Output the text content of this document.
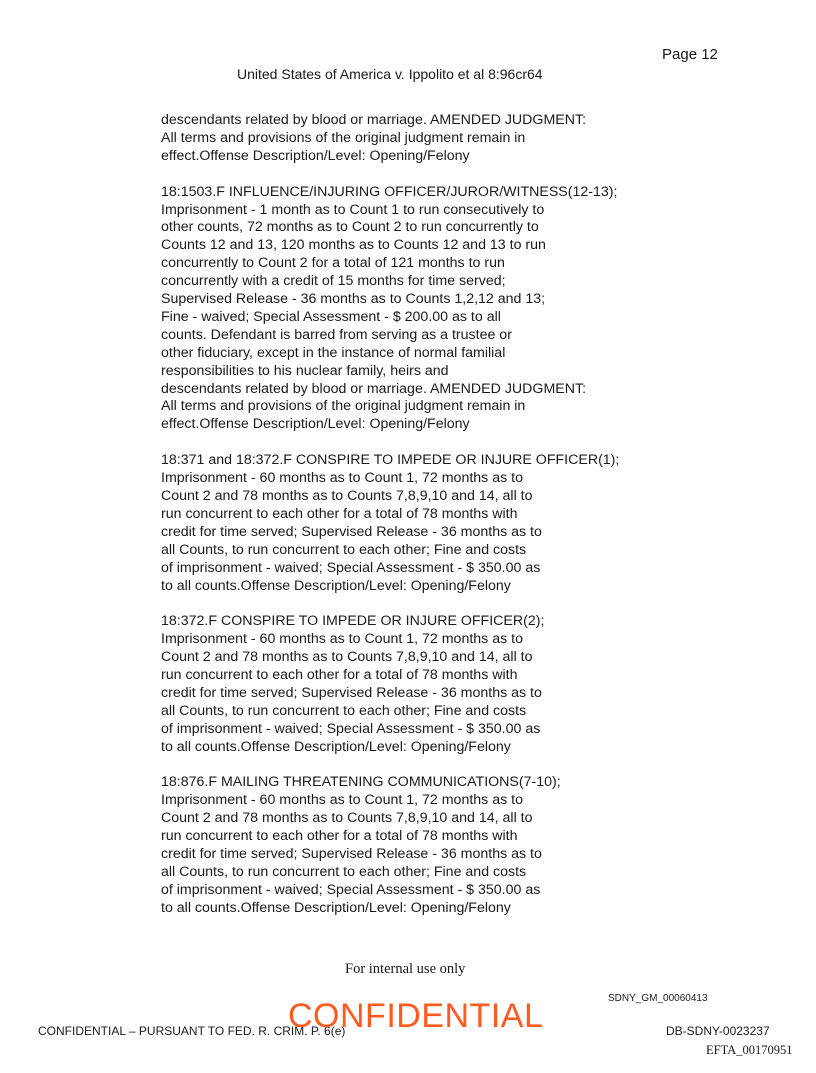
Page 12
United States of America v. Ippolito et al 8:96cr64
descendants related by blood or marriage. AMENDED JUDGMENT:
All terms and provisions of the original judgment remain in
effect.Offense Description/Level: Opening/Felony
18:1503.F INFLUENCE/INJURING OFFICER/JUROR/WITNESS(12-13);
Imprisonment - 1 month as to Count 1 to run consecutively to
other counts, 72 months as to Count 2 to run concurrently to
Counts 12 and 13, 120 months as to Counts 12 and 13 to run
concurrently to Count 2 for a total of 121 months to run
concurrently with a credit of 15 months for time served;
Supervised Release - 36 months as to Counts 1,2,12 and 13;
Fine - waived; Special Assessment - $ 200.00 as to all
counts. Defendant is barred from serving as a trustee or
other fiduciary, except in the instance of normal familial
responsibilities to his nuclear family, heirs and
descendants related by blood or marriage. AMENDED JUDGMENT:
All terms and provisions of the original judgment remain in
effect.Offense Description/Level: Opening/Felony
18:371 and 18:372.F CONSPIRE TO IMPEDE OR INJURE OFFICER(1);
Imprisonment - 60 months as to Count 1, 72 months as to
Count 2 and 78 months as to Counts 7,8,9,10 and 14, all to
run concurrent to each other for a total of 78 months with
credit for time served; Supervised Release - 36 months as to
all Counts, to run concurrent to each other; Fine and costs
of imprisonment - waived; Special Assessment - $ 350.00 as
to all counts.Offense Description/Level: Opening/Felony
18:372.F CONSPIRE TO IMPEDE OR INJURE OFFICER(2);
Imprisonment - 60 months as to Count 1, 72 months as to
Count 2 and 78 months as to Counts 7,8,9,10 and 14, all to
run concurrent to each other for a total of 78 months with
credit for time served; Supervised Release - 36 months as to
all Counts, to run concurrent to each other; Fine and costs
of imprisonment - waived; Special Assessment - $ 350.00 as
to all counts.Offense Description/Level: Opening/Felony
18:876.F MAILING THREATENING COMMUNICATIONS(7-10);
Imprisonment - 60 months as to Count 1, 72 months as to
Count 2 and 78 months as to Counts 7,8,9,10 and 14, all to
run concurrent to each other for a total of 78 months with
credit for time served; Supervised Release - 36 months as to
all Counts, to run concurrent to each other; Fine and costs
of imprisonment - waived; Special Assessment - $ 350.00 as
to all counts.Offense Description/Level: Opening/Felony
For internal use only
SDNY_GM_00060413
CONFIDENTIAL – PURSUANT TO FED. R. CRIM. P. 6(e)
CONFIDENTIAL	DB-SDNY-0023237
EFTA_00170951
